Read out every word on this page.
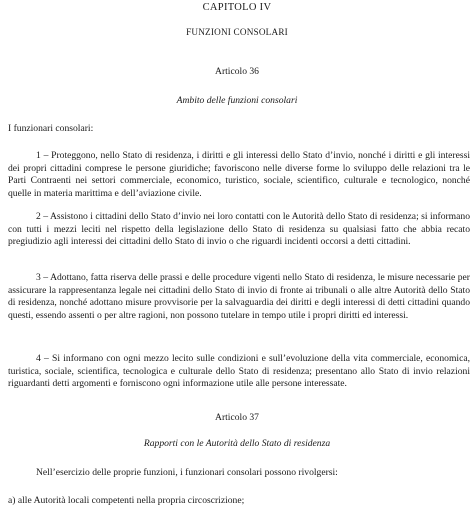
CAPITOLO IV
FUNZIONI CONSOLARI
Articolo 36
Ambito delle funzioni consolari

I funzionari consolari:

1 – Proteggono, nello Stato di residenza, i diritti e gli interessi dello Stato d’invio, nonché i diritti e gli interessi dei propri cittadini comprese le persone giuridiche; favoriscono nelle diverse forme lo sviluppo delle relazioni tra le Parti Contraenti nei settori commerciale, economico, turistico, sociale, scientifico, culturale e tecnologico, nonché quelle in materia marittima e dell’aviazione civile.

2 – Assistono i cittadini dello Stato d’invio nei loro contatti con le Autorità dello Stato di residenza; si informano con tutti i mezzi leciti nel rispetto della legislazione dello Stato di residenza su qualsiasi fatto che abbia recato pregiudizio agli interessi dei cittadini dello Stato di invio o che riguardi incidenti occorsi a detti cittadini.

3 – Adottano, fatta riserva delle prassi e delle procedure vigenti nello Stato di residenza, le misure necessarie per assicurare la rappresentanza legale nei cittadini dello Stato di invio di fronte ai tribunali o alle altre Autorità dello Stato di residenza, nonché adottano misure provvisorie per la salvaguardia dei diritti e degli interessi di detti cittadini quando questi, essendo assenti o per altre ragioni, non possono tutelare in tempo utile i propri diritti ed interessi.

4 – Si informano con ogni mezzo lecito sulle condizioni e sull’evoluzione della vita commerciale, economica, turistica, sociale, scientifica, tecnologica e culturale dello Stato di residenza; presentano allo Stato di invio relazioni riguardanti detti argomenti e forniscono ogni informazione utile alle persone interessate.

Articolo 37
Rapporti con le Autorità dello Stato di residenza

Nell’esercizio delle proprie funzioni, i funzionari consolari possono rivolgersi:

a) alle Autorità locali competenti nella propria circoscrizione;
